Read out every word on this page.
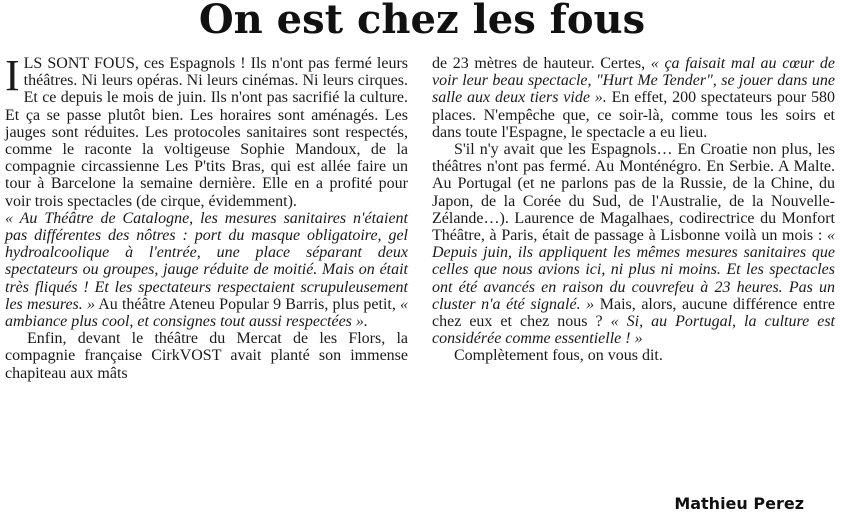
On est chez les fous

ILS SONT FOUS, ces Espagnols ! Ils n'ont pas fermé leurs théâtres. Ni leurs opéras. Ni leurs cinémas. Ni leurs cirques. Et ce depuis le mois de juin. Ils n'ont pas sacrifié la culture. Et ça se passe plutôt bien. Les horaires sont aménagés. Les jauges sont réduites. Les protocoles sanitaires sont respectés, comme le raconte la voltigeuse Sophie Mandoux, de la compagnie circassienne Les P'tits Bras, qui est allée faire un tour à Barcelone la semaine dernière. Elle en a profité pour voir trois spectacles (de cirque, évidemment).

« Au Théâtre de Catalogne, les mesures sanitaires n'étaient pas différentes des nôtres : port du masque obligatoire, gel hydroalcoolique à l'entrée, une place séparant deux spectateurs ou groupes, jauge réduite de moitié. Mais on était très fliqués ! Et les spectateurs respectaient scrupuleusement les mesures. » Au théâtre Ateneu Popular 9 Barris, plus petit, « ambiance plus cool, et consignes tout aussi respectées ».

Enfin, devant le théâtre du Mercat de les Flors, la compagnie française CirkVOST avait planté son immense chapiteau aux mâts

de 23 mètres de hauteur. Certes, « ça faisait mal au cœur de voir leur beau spectacle, "Hurt Me Tender", se jouer dans une salle aux deux tiers vide ». En effet, 200 spectateurs pour 580 places. N'empêche que, ce soir-là, comme tous les soirs et dans toute l'Espagne, le spectacle a eu lieu.

S'il n'y avait que les Espagnols… En Croatie non plus, les théâtres n'ont pas fermé. Au Monténégro. En Serbie. A Malte. Au Portugal (et ne parlons pas de la Russie, de la Chine, du Japon, de la Corée du Sud, de l'Australie, de la Nouvelle-Zélande…). Laurence de Magalhaes, codirectrice du Monfort Théâtre, à Paris, était de passage à Lisbonne voilà un mois : « Depuis juin, ils appliquent les mêmes mesures sanitaires que celles que nous avions ici, ni plus ni moins. Et les spectacles ont été avancés en raison du couvrefeu à 23 heures. Pas un cluster n'a été signalé. » Mais, alors, aucune différence entre chez eux et chez nous ? « Si, au Portugal, la culture est considérée comme essentielle ! »

Complètement fous, on vous dit.

Mathieu Perez
